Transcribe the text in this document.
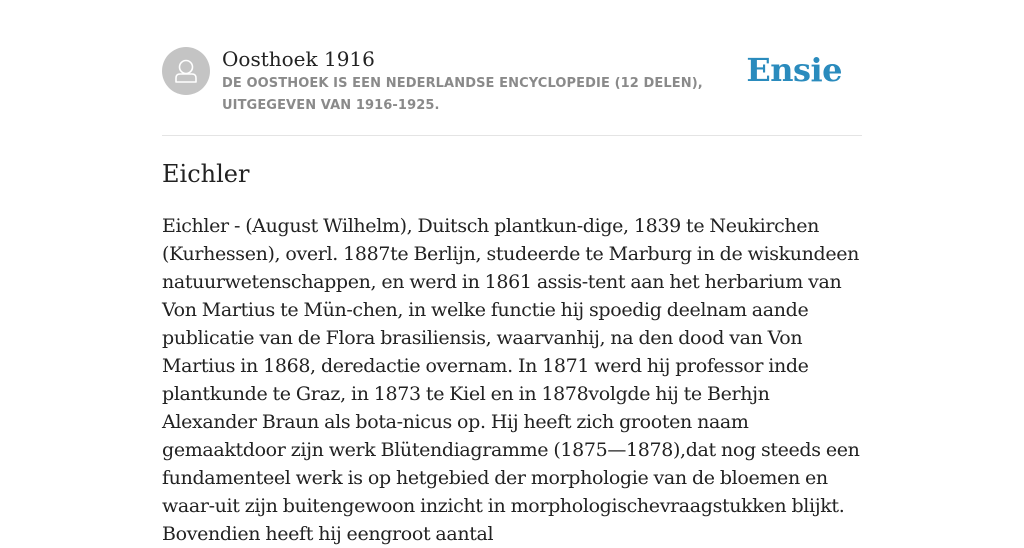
Oosthoek 1916
DE OOSTHOEK IS EEN NEDERLANDSE ENCYCLOPEDIE (12 DELEN), UITGEGEVEN VAN 1916-1925.
Ensie
Eichler

Eichler - (August Wilhelm), Duitsch plantkun-dige, 1839 te Neukirchen (Kurhessen), overl. 1887te Berlijn, studeerde te Marburg in de wiskundeen natuurwetenschappen, en werd in 1861 assis-tent aan het herbarium van Von Martius te Mün-chen, in welke functie hij spoedig deelnam aande publicatie van de Flora brasiliensis, waarvanhij, na den dood van Von Martius in 1868, deredactie overnam. In 1871 werd hij professor inde plantkunde te Graz, in 1873 te Kiel en in 1878volgde hij te Berhjn Alexander Braun als bota-nicus op. Hij heeft zich grooten naam gemaaktdoor zijn werk Blütendiagramme (1875—1878),dat nog steeds een fundamenteel werk is op hetgebied der morphologie van de bloemen en waar-uit zijn buitengewoon inzicht in morphologischevraagstukken blijkt. Bovendien heeft hij eengroot aantal
